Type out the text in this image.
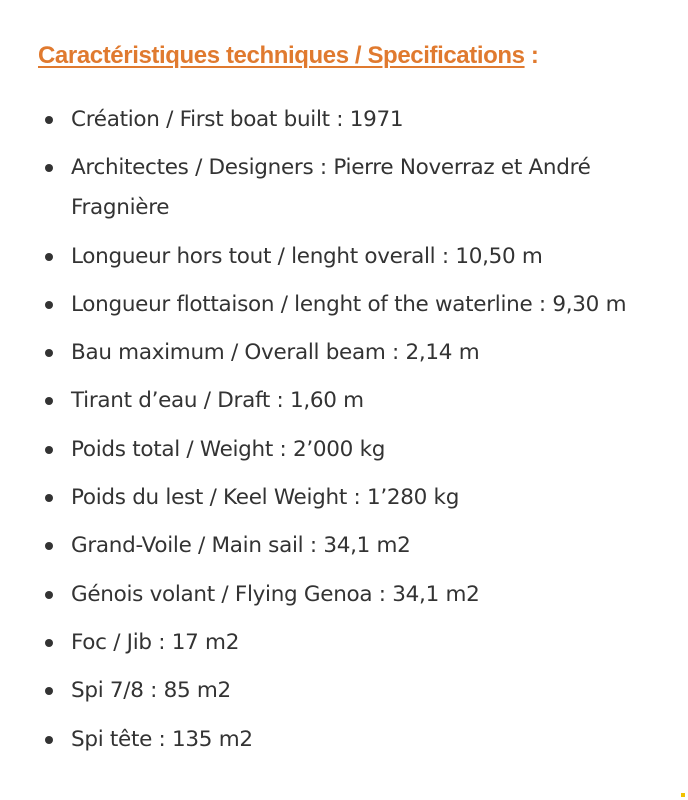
Caractéristiques techniques / Specifications :
Création / First boat built : 1971
Architectes / Designers : Pierre Noverraz et André Fragnière
Longueur hors tout / lenght overall : 10,50 m
Longueur flottaison / lenght of the waterline : 9,30 m
Bau maximum / Overall beam : 2,14 m
Tirant d’eau / Draft : 1,60 m
Poids total / Weight : 2’000 kg
Poids du lest / Keel Weight : 1’280 kg
Grand-Voile / Main sail : 34,1 m2
Génois volant / Flying Genoa : 34,1 m2
Foc / Jib : 17 m2
Spi 7/8 : 85 m2
Spi tête : 135 m2
